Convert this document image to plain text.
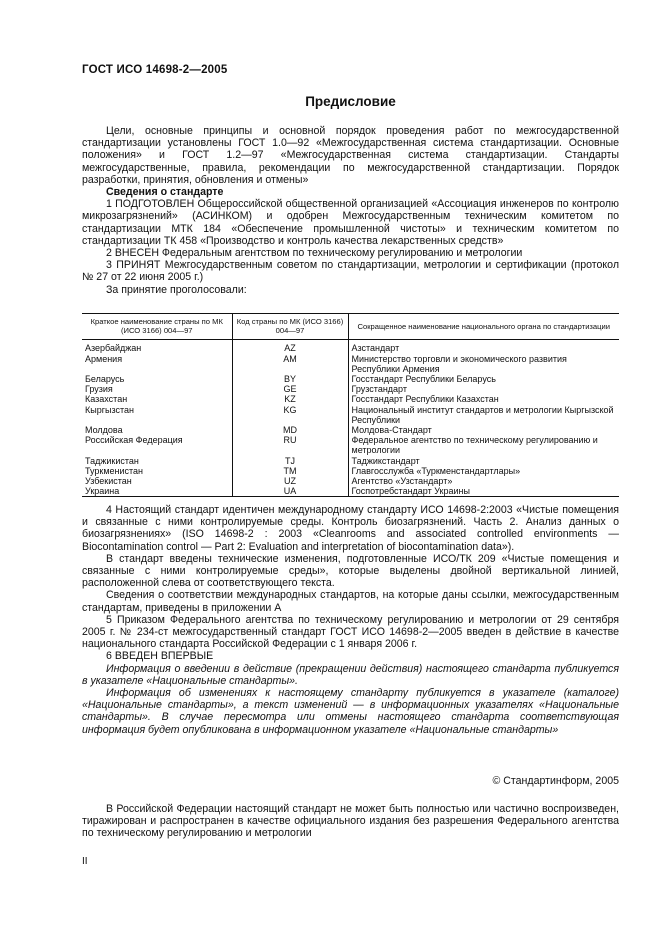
ГОСТ ИСО 14698-2—2005
Предисловие

Цели, основные принципы и основной порядок проведения работ по межгосударственной стандартизации установлены ГОСТ 1.0—92 «Межгосударственная система стандартизации. Основные положения» и ГОСТ 1.2—97 «Межгосударственная система стандартизации. Стандарты межгосударственные, правила, рекомендации по межгосударственной стандартизации. Порядок разработки, принятия, обновления и отмены»

Сведения о стандарте

1 ПОДГОТОВЛЕН Общероссийской общественной организацией «Ассоциация инженеров по контролю микрозагрязнений» (АСИНКОМ) и одобрен Межгосударственным техническим комитетом по стандартизации МТК 184 «Обеспечение промышленной чистоты» и техническим комитетом по стандартизации ТК 458 «Производство и контроль качества лекарственных средств»

2 ВНЕСЕН Федеральным агентством по техническому регулированию и метрологии

3 ПРИНЯТ Межгосударственным советом по стандартизации, метрологии и сертификации (протокол № 27 от 22 июня 2005 г.)

За принятие проголосовали:

Краткое наименование страны по МК (ИСО 3166) 004—97	Код страны по МК (ИСО 3166) 004—97	Сокращенное наименование национального органа по стандартизации
Азербайджан	AZ	Азстандарт
Армения	AM	Министерство торговли и экономического развития Республики Армения
Беларусь	BY	Госстандарт Республики Беларусь
Грузия	GE	Грузстандарт
Казахстан	KZ	Госстандарт Республики Казахстан
Кыргызстан	KG	Национальный институт стандартов и метрологии Кыргызской Республики
Молдова	MD	Молдова-Стандарт
Российская Федерация	RU	Федеральное агентство по техническому регулированию и метрологии
Таджикистан	TJ	Таджикстандарт
Туркменистан	TM	Главгосслужба «Туркменстандартлары»
Узбекистан	UZ	Агентство «Узстандарт»
Украина	UA	Госпотребстандарт Украины

4 Настоящий стандарт идентичен международному стандарту ИСО 14698-2:2003 «Чистые помещения и связанные с ними контролируемые среды. Контроль биозагрязнений. Часть 2. Анализ данных о биозагрязнениях» (ISO 14698-2 : 2003 «Cleanrooms and associated controlled environments — Biocontamination control — Part 2: Evaluation and interpretation of biocontamination data»).

В стандарт введены технические изменения, подготовленные ИСО/ТК 209 «Чистые помещения и связанные с ними контролируемые среды», которые выделены двойной вертикальной линией, расположенной слева от соответствующего текста.

Сведения о соответствии международных стандартов, на которые даны ссылки, межгосударственным стандартам, приведены в приложении А

5 Приказом Федерального агентства по техническому регулированию и метрологии от 29 сентября 2005 г. № 234-ст межгосударственный стандарт ГОСТ ИСО 14698-2—2005 введен в действие в качестве национального стандарта Российской Федерации с 1 января 2006 г.

6 ВВЕДЕН ВПЕРВЫЕ

Информация о введении в действие (прекращении действия) настоящего стандарта публикуется в указателе «Национальные стандарты».

Информация об изменениях к настоящему стандарту публикуется в указателе (каталоге) «Национальные стандарты», а текст изменений — в информационных указателях «Национальные стандарты». В случае пересмотра или отмены настоящего стандарта соответствующая информация будет опубликована в информационном указателе «Национальные стандарты»

© Стандартинформ, 2005

В Российской Федерации настоящий стандарт не может быть полностью или частично воспроизведен, тиражирован и распространен в качестве официального издания без разрешения Федерального агентства по техническому регулированию и метрологии

II
